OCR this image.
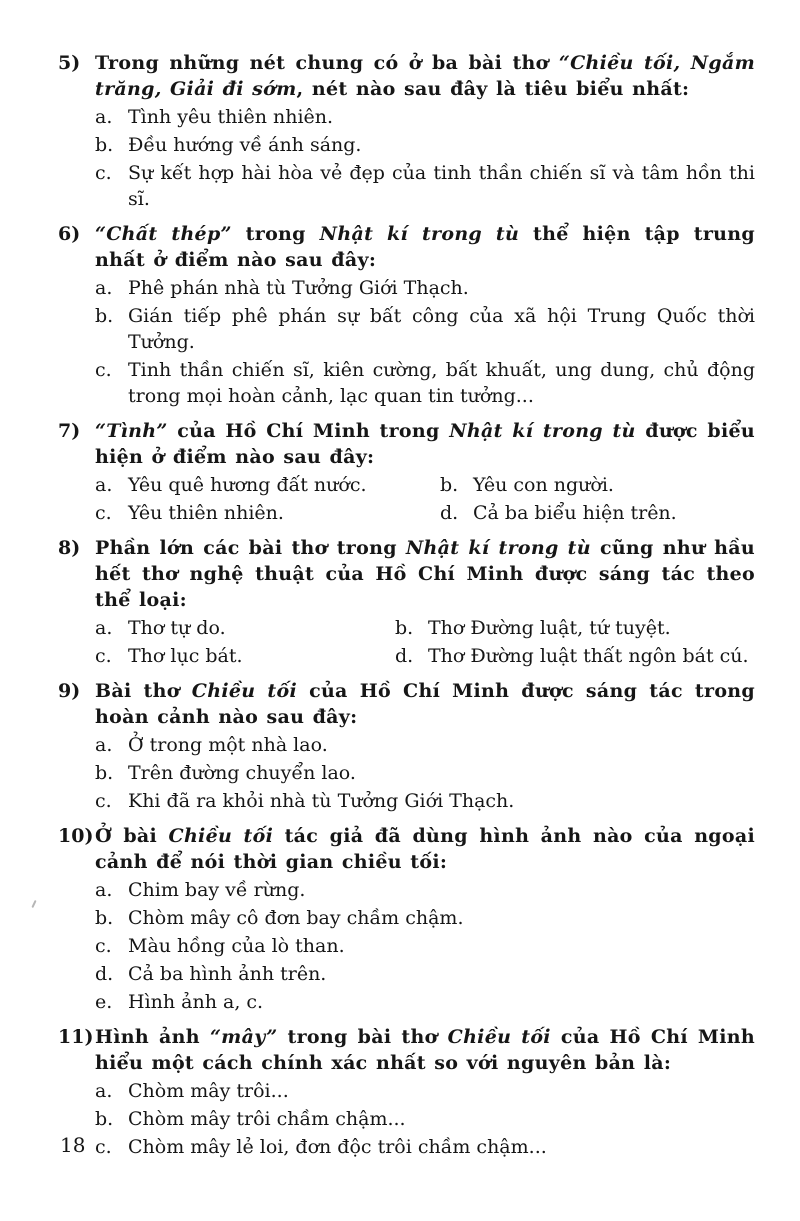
5) Trong những nét chung có ở ba bài thơ “Chiều tối, Ngắm trăng, Giải đi sớm, nét nào sau đây là tiêu biểu nhất:

a. Tình yêu thiên nhiên.
b. Đều hướng về ánh sáng.
c. Sự kết hợp hài hòa vẻ đẹp của tinh thần chiến sĩ và tâm hồn thi sĩ.
6) “Chất thép” trong Nhật kí trong tù thể hiện tập trung nhất ở điểm nào sau đây:

a. Phê phán nhà tù Tưởng Giới Thạch.
b. Gián tiếp phê phán sự bất công của xã hội Trung Quốc thời Tưởng.
c. Tinh thần chiến sĩ, kiên cường, bất khuất, ung dung, chủ động trong mọi hoàn cảnh, lạc quan tin tưởng...
7) “Tình” của Hồ Chí Minh trong Nhật kí trong tù được biểu hiện ở điểm nào sau đây:

a. Yêu quê hương đất nước.	b. Yêu con người.
c. Yêu thiên nhiên.	d. Cả ba biểu hiện trên.
8) Phần lớn các bài thơ trong Nhật kí trong tù cũng như hầu hết thơ nghệ thuật của Hồ Chí Minh được sáng tác theo thể loại:

a. Thơ tự do.	b. Thơ Đường luật, tứ tuyệt.
c. Thơ lục bát.	d. Thơ Đường luật thất ngôn bát cú.
9) Bài thơ Chiều tối của Hồ Chí Minh được sáng tác trong hoàn cảnh nào sau đây:

a. Ở trong một nhà lao.
b. Trên đường chuyển lao.
c. Khi đã ra khỏi nhà tù Tưởng Giới Thạch.
10) Ở bài Chiều tối tác giả đã dùng hình ảnh nào của ngoại cảnh để nói thời gian chiều tối:

a. Chim bay về rừng.
b. Chòm mây cô đơn bay chầm chậm.
c. Màu hồng của lò than.
d. Cả ba hình ảnh trên.
e. Hình ảnh a, c.
11) Hình ảnh “mây” trong bài thơ Chiều tối của Hồ Chí Minh hiểu một cách chính xác nhất so với nguyên bản là:

a. Chòm mây trôi...
b. Chòm mây trôi chầm chậm...
c. Chòm mây lẻ loi, đơn độc trôi chầm chậm...
18
